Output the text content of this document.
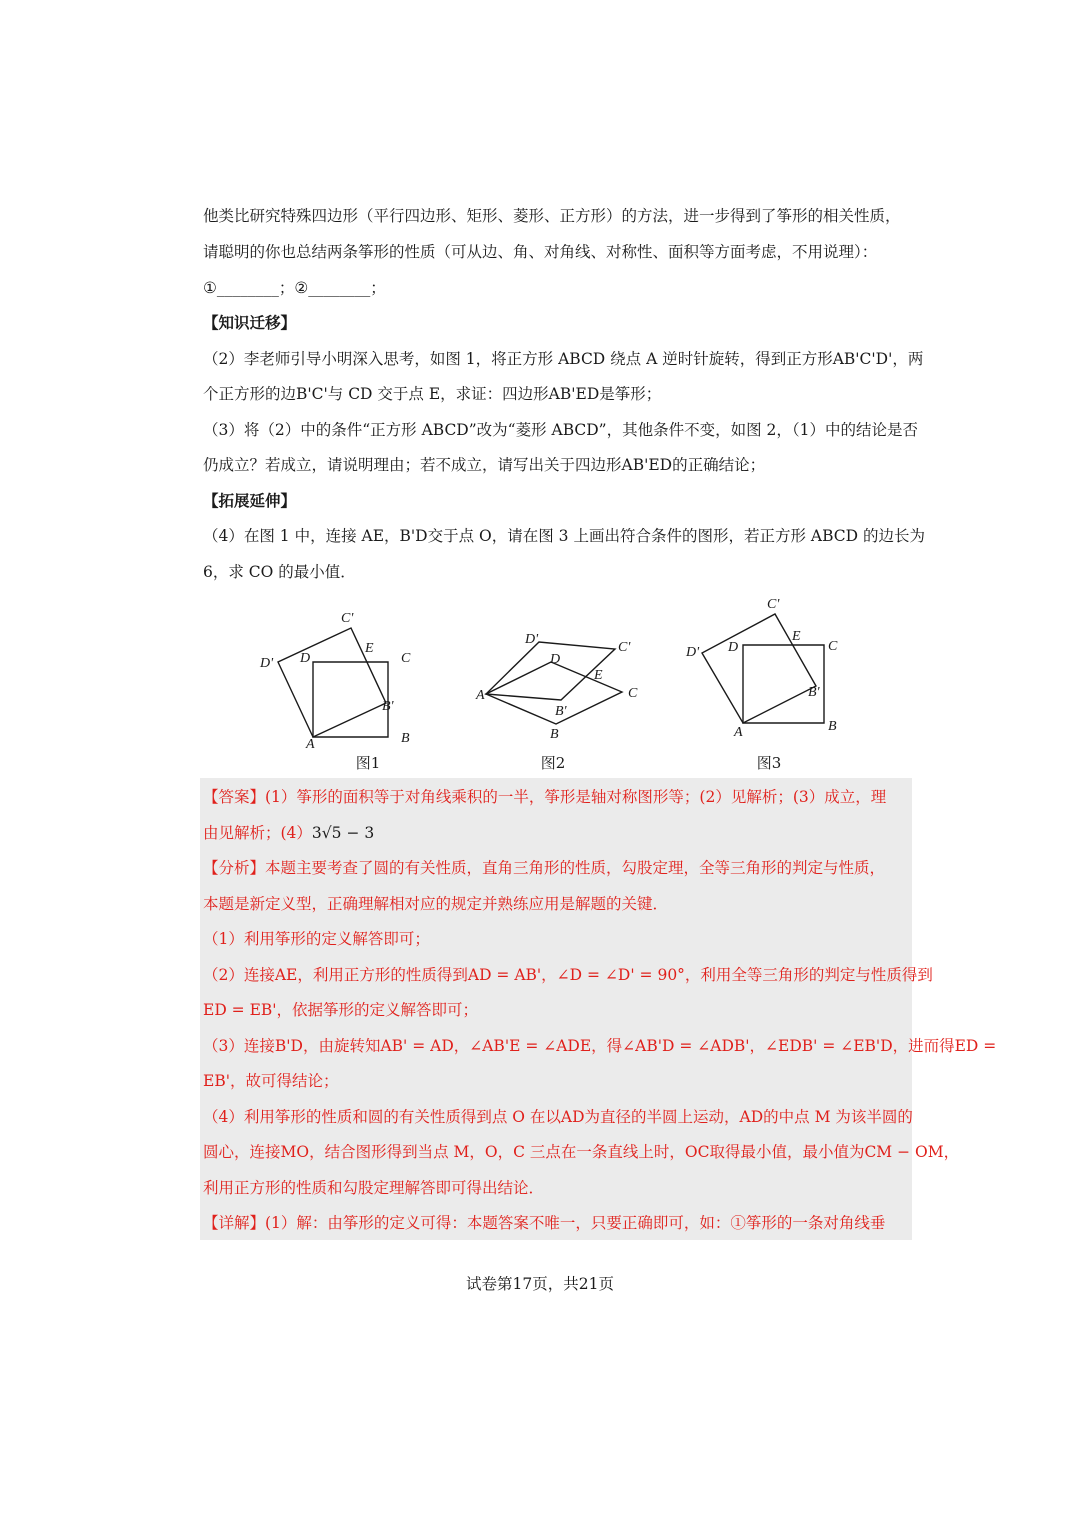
他类比研究特殊四边形（平行四边形、矩形、菱形、正方形）的方法，进一步得到了筝形的相关性质，
请聪明的你也总结两条筝形的性质（可从边、角、对角线、对称性、面积等方面考虑，不用说理）：
①________；②________；
【知识迁移】
（2）李老师引导小明深入思考，如图 1，将正方形 ABCD 绕点 A 逆时针旋转，得到正方形AB'C'D'，两
个正方形的边B'C'与 CD 交于点 E，求证：四边形AB'ED是筝形；
（3）将（2）中的条件“正方形 ABCD”改为“菱形 ABCD”，其他条件不变，如图 2，（1）中的结论是否
仍成立？若成立，请说明理由；若不成立，请写出关于四边形AB'ED的正确结论；
【拓展延伸】
（4）在图 1 中，连接 AE，B'D交于点 O，请在图 3 上画出符合条件的图形，若正方形 ABCD 的边长为
6，求 CO 的最小值．
A	B
C
D
B'
C'
D'
E
图1
A
B
C
D
B'
C'
D'
E
图2
A	B
C
D
B'
C'
D'
E
图3
【答案】(1）筝形的面积等于对角线乘积的一半，筝形是轴对称图形等；(2）见解析；(3）成立，理
由见解析；(4）3√5 − 3
【分析】本题主要考查了圆的有关性质，直角三角形的性质，勾股定理，全等三角形的判定与性质，
本题是新定义型，正确理解相对应的规定并熟练应用是解题的关键．
（1）利用筝形的定义解答即可；
（2）连接AE，利用正方形的性质得到AD = AB'，∠D = ∠D' = 90°，利用全等三角形的判定与性质得到
ED = EB'，依据筝形的定义解答即可；
（3）连接B'D，由旋转知AB' = AD，∠AB'E = ∠ADE，得∠AB'D = ∠ADB'，∠EDB' = ∠EB'D，进而得ED =
EB'，故可得结论；
（4）利用筝形的性质和圆的有关性质得到点 O 在以AD为直径的半圆上运动，AD的中点 M 为该半圆的
圆心，连接MO，结合图形得到当点 M，O，C 三点在一条直线上时，OC取得最小值，最小值为CM − OM，
利用正方形的性质和勾股定理解答即可得出结论．
【详解】(1）解：由筝形的定义可得：本题答案不唯一，只要正确即可，如：①筝形的一条对角线垂
试卷第17页，共21页
